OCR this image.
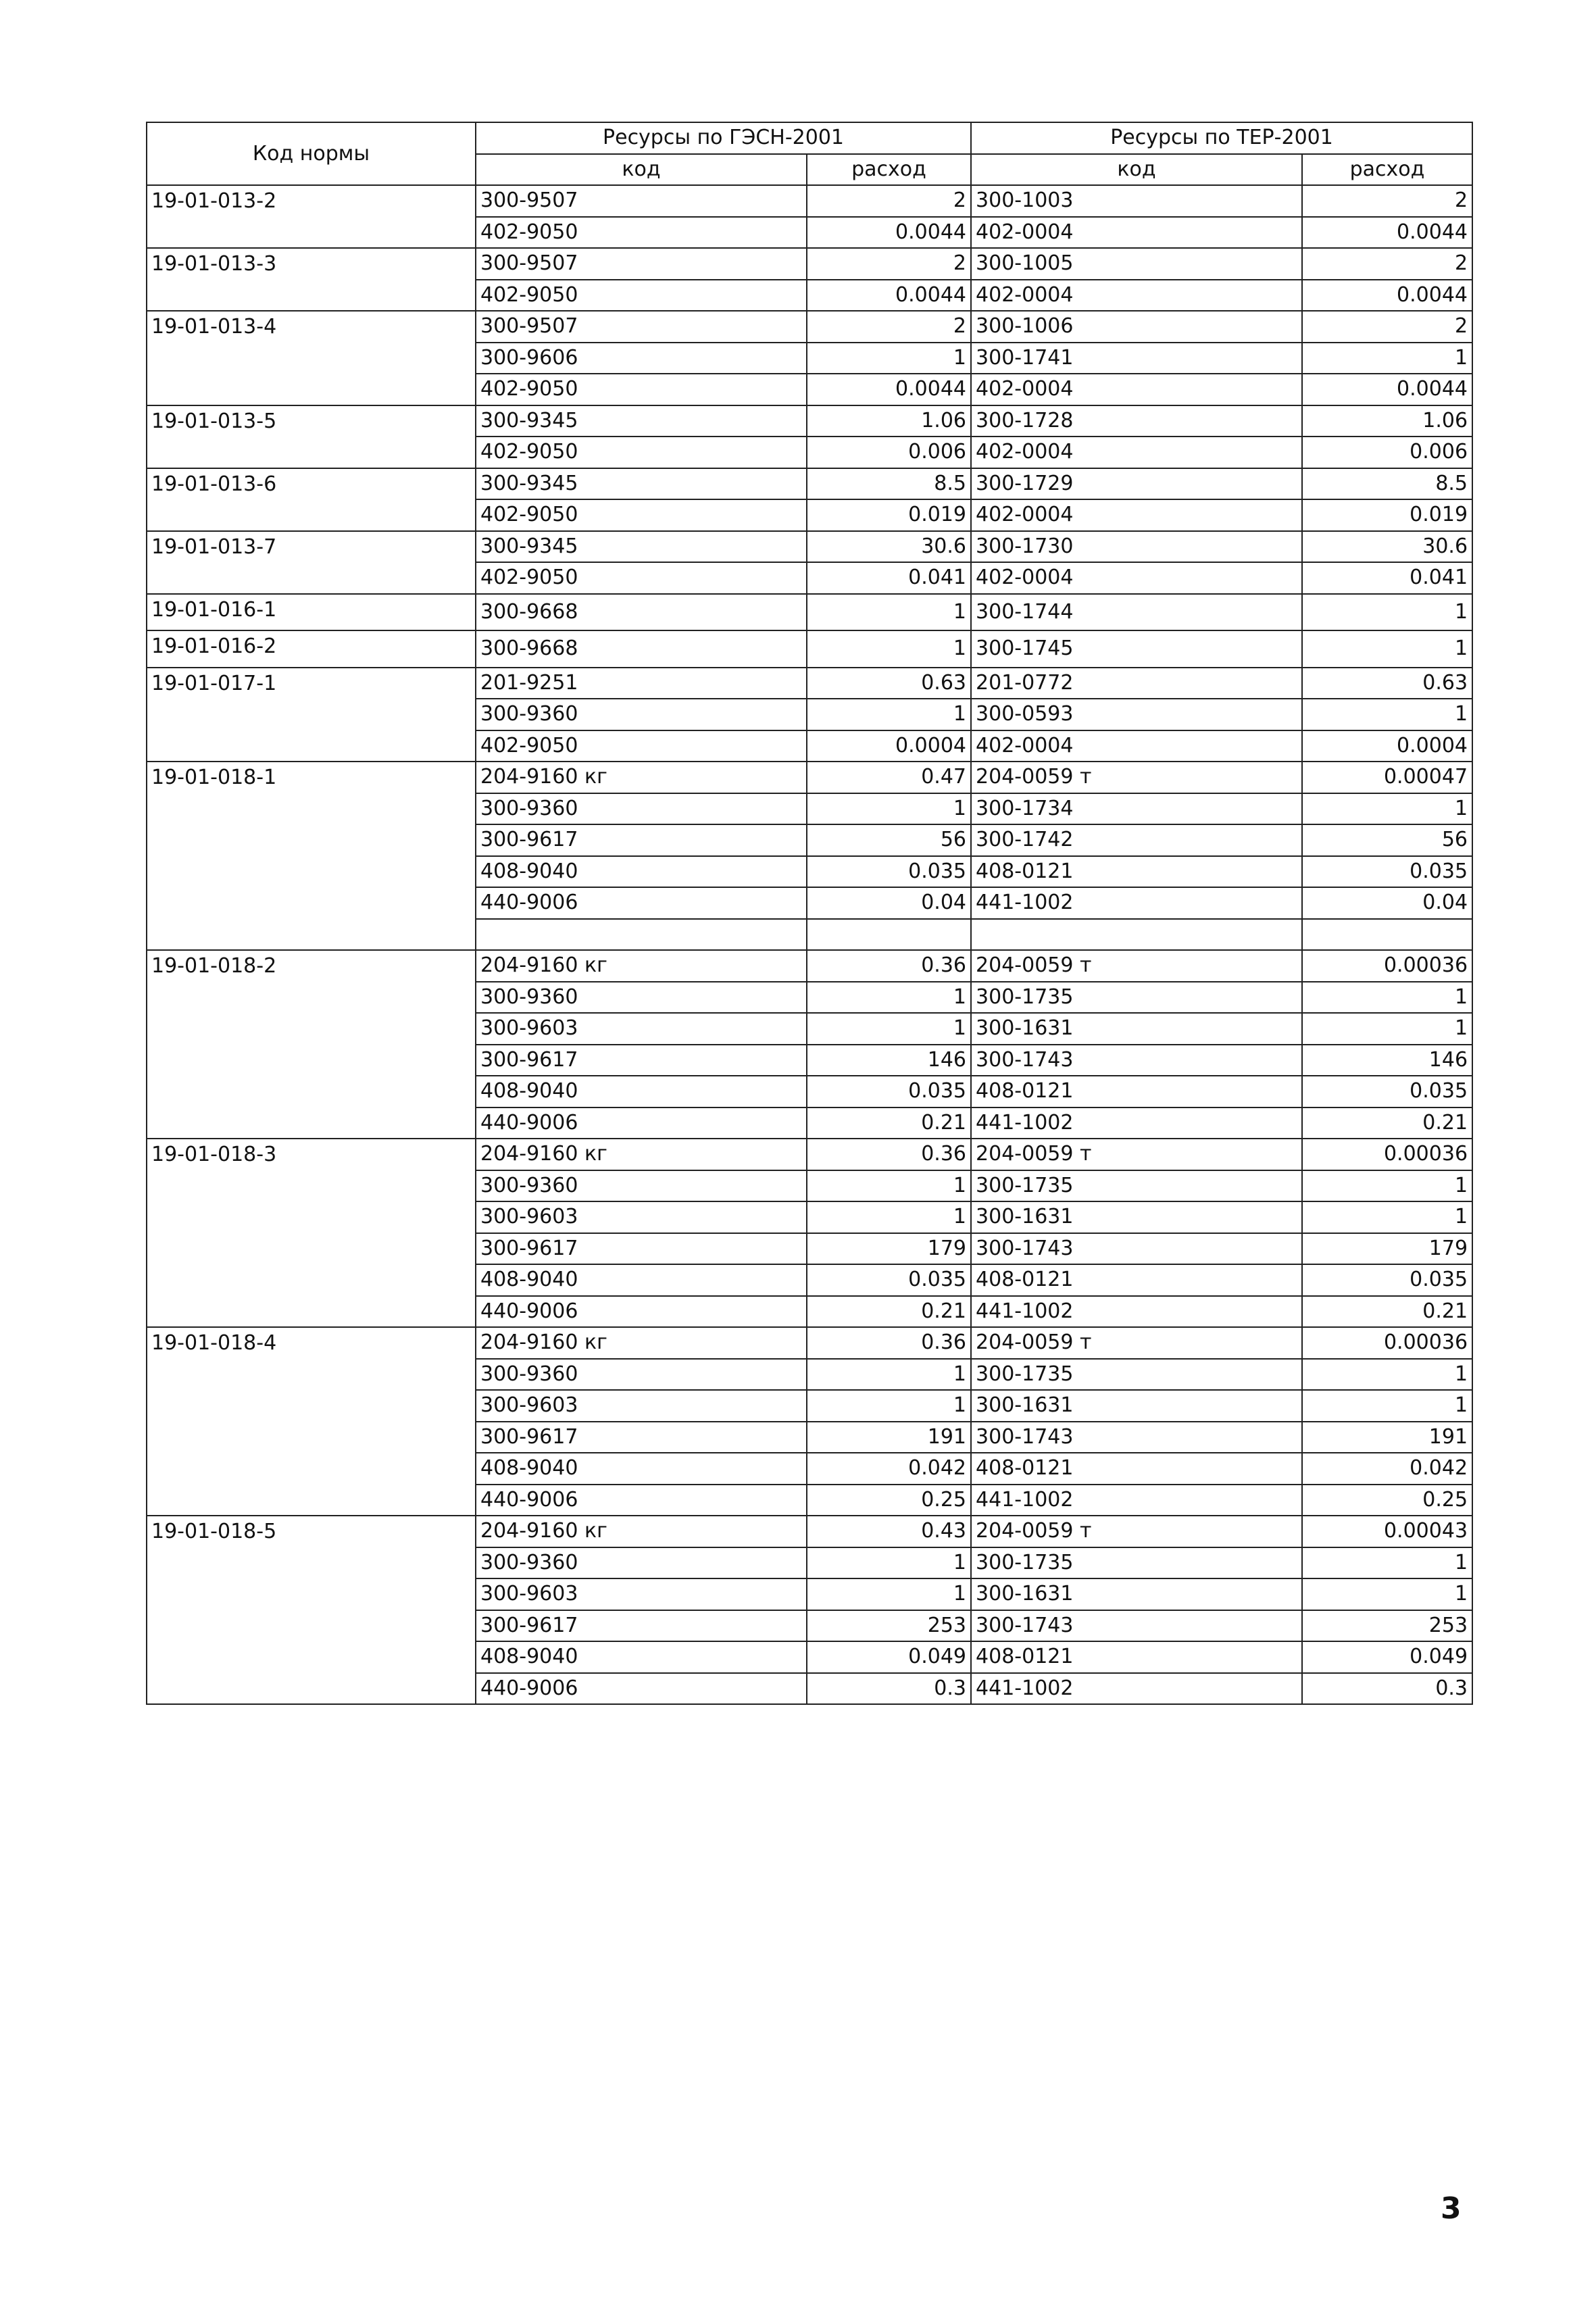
Код нормы	Ресурсы по ГЭСН-2001		Ресурсы по ТЕР-2001	
	код	расход	код	расход
19-01-013-2	300-9507	2	300-1003	2
	402-9050	0.0044	402-0004	0.0044
19-01-013-3	300-9507	2	300-1005	2
	402-9050	0.0044	402-0004	0.0044
19-01-013-4	300-9507	2	300-1006	2
	300-9606	1	300-1741	1
	402-9050	0.0044	402-0004	0.0044
19-01-013-5	300-9345	1.06	300-1728	1.06
	402-9050	0.006	402-0004	0.006
19-01-013-6	300-9345	8.5	300-1729	8.5
	402-9050	0.019	402-0004	0.019
19-01-013-7	300-9345	30.6	300-1730	30.6
	402-9050	0.041	402-0004	0.041
19-01-016-1	300-9668	1	300-1744	1
19-01-016-2	300-9668	1	300-1745	1
19-01-017-1	201-9251	0.63	201-0772	0.63
	300-9360	1	300-0593	1
	402-9050	0.0004	402-0004	0.0004
19-01-018-1	204-9160 кг	0.47	204-0059 т	0.00047
	300-9360	1	300-1734	1
	300-9617	56	300-1742	56
	408-9040	0.035	408-0121	0.035
	440-9006	0.04	441-1002	0.04

19-01-018-2	204-9160 кг	0.36	204-0059 т	0.00036
	300-9360	1	300-1735	1
	300-9603	1	300-1631	1
	300-9617	146	300-1743	146
	408-9040	0.035	408-0121	0.035
	440-9006	0.21	441-1002	0.21
19-01-018-3	204-9160 кг	0.36	204-0059 т	0.00036
	300-9360	1	300-1735	1
	300-9603	1	300-1631	1
	300-9617	179	300-1743	179
	408-9040	0.035	408-0121	0.035
	440-9006	0.21	441-1002	0.21
19-01-018-4	204-9160 кг	0.36	204-0059 т	0.00036
	300-9360	1	300-1735	1
	300-9603	1	300-1631	1
	300-9617	191	300-1743	191
	408-9040	0.042	408-0121	0.042
	440-9006	0.25	441-1002	0.25
19-01-018-5	204-9160 кг	0.43	204-0059 т	0.00043
	300-9360	1	300-1735	1
	300-9603	1	300-1631	1
	300-9617	253	300-1743	253
	408-9040	0.049	408-0121	0.049
	440-9006	0.3	441-1002	0.3
3
